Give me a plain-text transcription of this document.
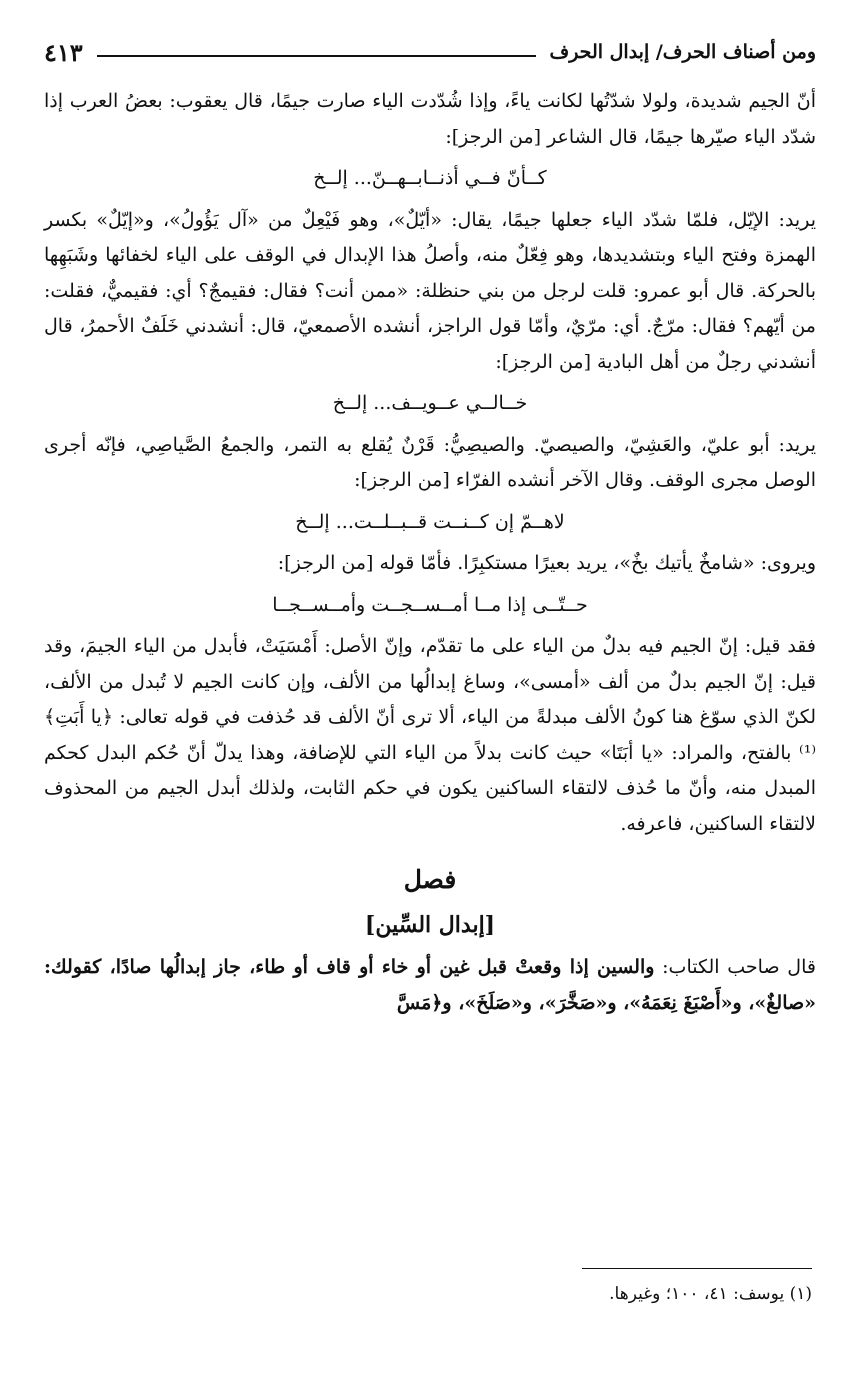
ومن أصناف الحرف/ إبدال الحرف
٤١٣

أنّ الجيم شديدة، ولولا شدّتُها لكانت ياءً، وإذا شُدّدت الياء صارت جيمًا، قال يعقوب: بعضُ العرب إذا شدّد الياء صيّرها جيمًا، قال الشاعر [من الرجز]:

كــأنّ فــي أذنــابــهــنّ... إلــخ

يريد: الإيّل، فلمّا شدّد الياء جعلها جيمًا، يقال: «أيّلٌ»، وهو فَيْعِلٌ من «آل يَؤُولُ»، و«إيّلٌ» بكسر الهمزة وفتح الياء وبتشديدها، وهو فِعّلٌ منه، وأصلُ هذا الإبدال في الوقف على الياء لخفائها وشَبَهِها بالحركة. قال أبو عمرو: قلت لرجل من بني حنظلة: «ممن أنت؟ فقال: فقيمجٌ؟ أي: فقيميٌّ، فقلت: من أيّهم؟ فقال: مرّجٌ. أي: مرّيٌ، وأمّا قول الراجز، أنشده الأصمعيّ، قال: أنشدني خَلَفٌ الأحمرُ، قال أنشدني رجلٌ من أهل البادية [من الرجز]:

خــالــي عــويــف... إلــخ

يريد: أبو عليّ، والعَشِيّ، والصيصيّ. والصيصِيُّ: قَرْنٌ يُقلع به التمر، والجمعُ الصَّياصِي، فإنّه أجرى الوصل مجرى الوقف. وقال الآخر أنشده الفرّاء [من الرجز]:

لاهــمّ إن كــنــت قــبــلــت... إلــخ

ويروى: «شامخٌ يأتيك بخٌ»، يريد بعيرًا مستكبِرًا. فأمّا قوله [من الرجز]:

حــتّــى إذا مــا أمــســجــت وأمــســجــا

فقد قيل: إنّ الجيم فيه بدلٌ من الياء على ما تقدّم، وإنّ الأصل: أَمْسَيَتْ، فأبدل من الياء الجيمَ، وقد قيل: إنّ الجيم بدلٌ من ألف «أمسى»، وساغ إبدالُها من الألف، وإن كانت الجيم لا تُبدل من الألف، لكنّ الذي سوّغ هنا كونُ الألف مبدلةً من الياء، ألا ترى أنّ الألف قد حُذفت في قوله تعالى: ﴿يا أَبَتِ﴾⁽¹⁾ بالفتح، والمراد: «يا أبَتَا» حيث كانت بدلاً من الياء التي للإضافة، وهذا يدلّ أنّ حُكم البدل كحكم المبدل منه، وأنّ ما حُذف لالتقاء الساكنين يكون في حكم الثابت، ولذلك أبدل الجيم من المحذوف لالتقاء الساكنين، فاعرفه.

فصل
[إبدال السِّين]

قال صاحب الكتاب: والسين إذا وقعتْ قبل غين أو خاء أو قاف أو طاء، جاز إبدالُها صادًا، كقولك: «صالغٌ»، و«أَصْبَغَ نِعَمَهُ»، و«صَخَّرَ»، و«صَلَخَ»، و﴿مَسَّ

(١) يوسف: ٤١، ١٠٠؛ وغيرها.
